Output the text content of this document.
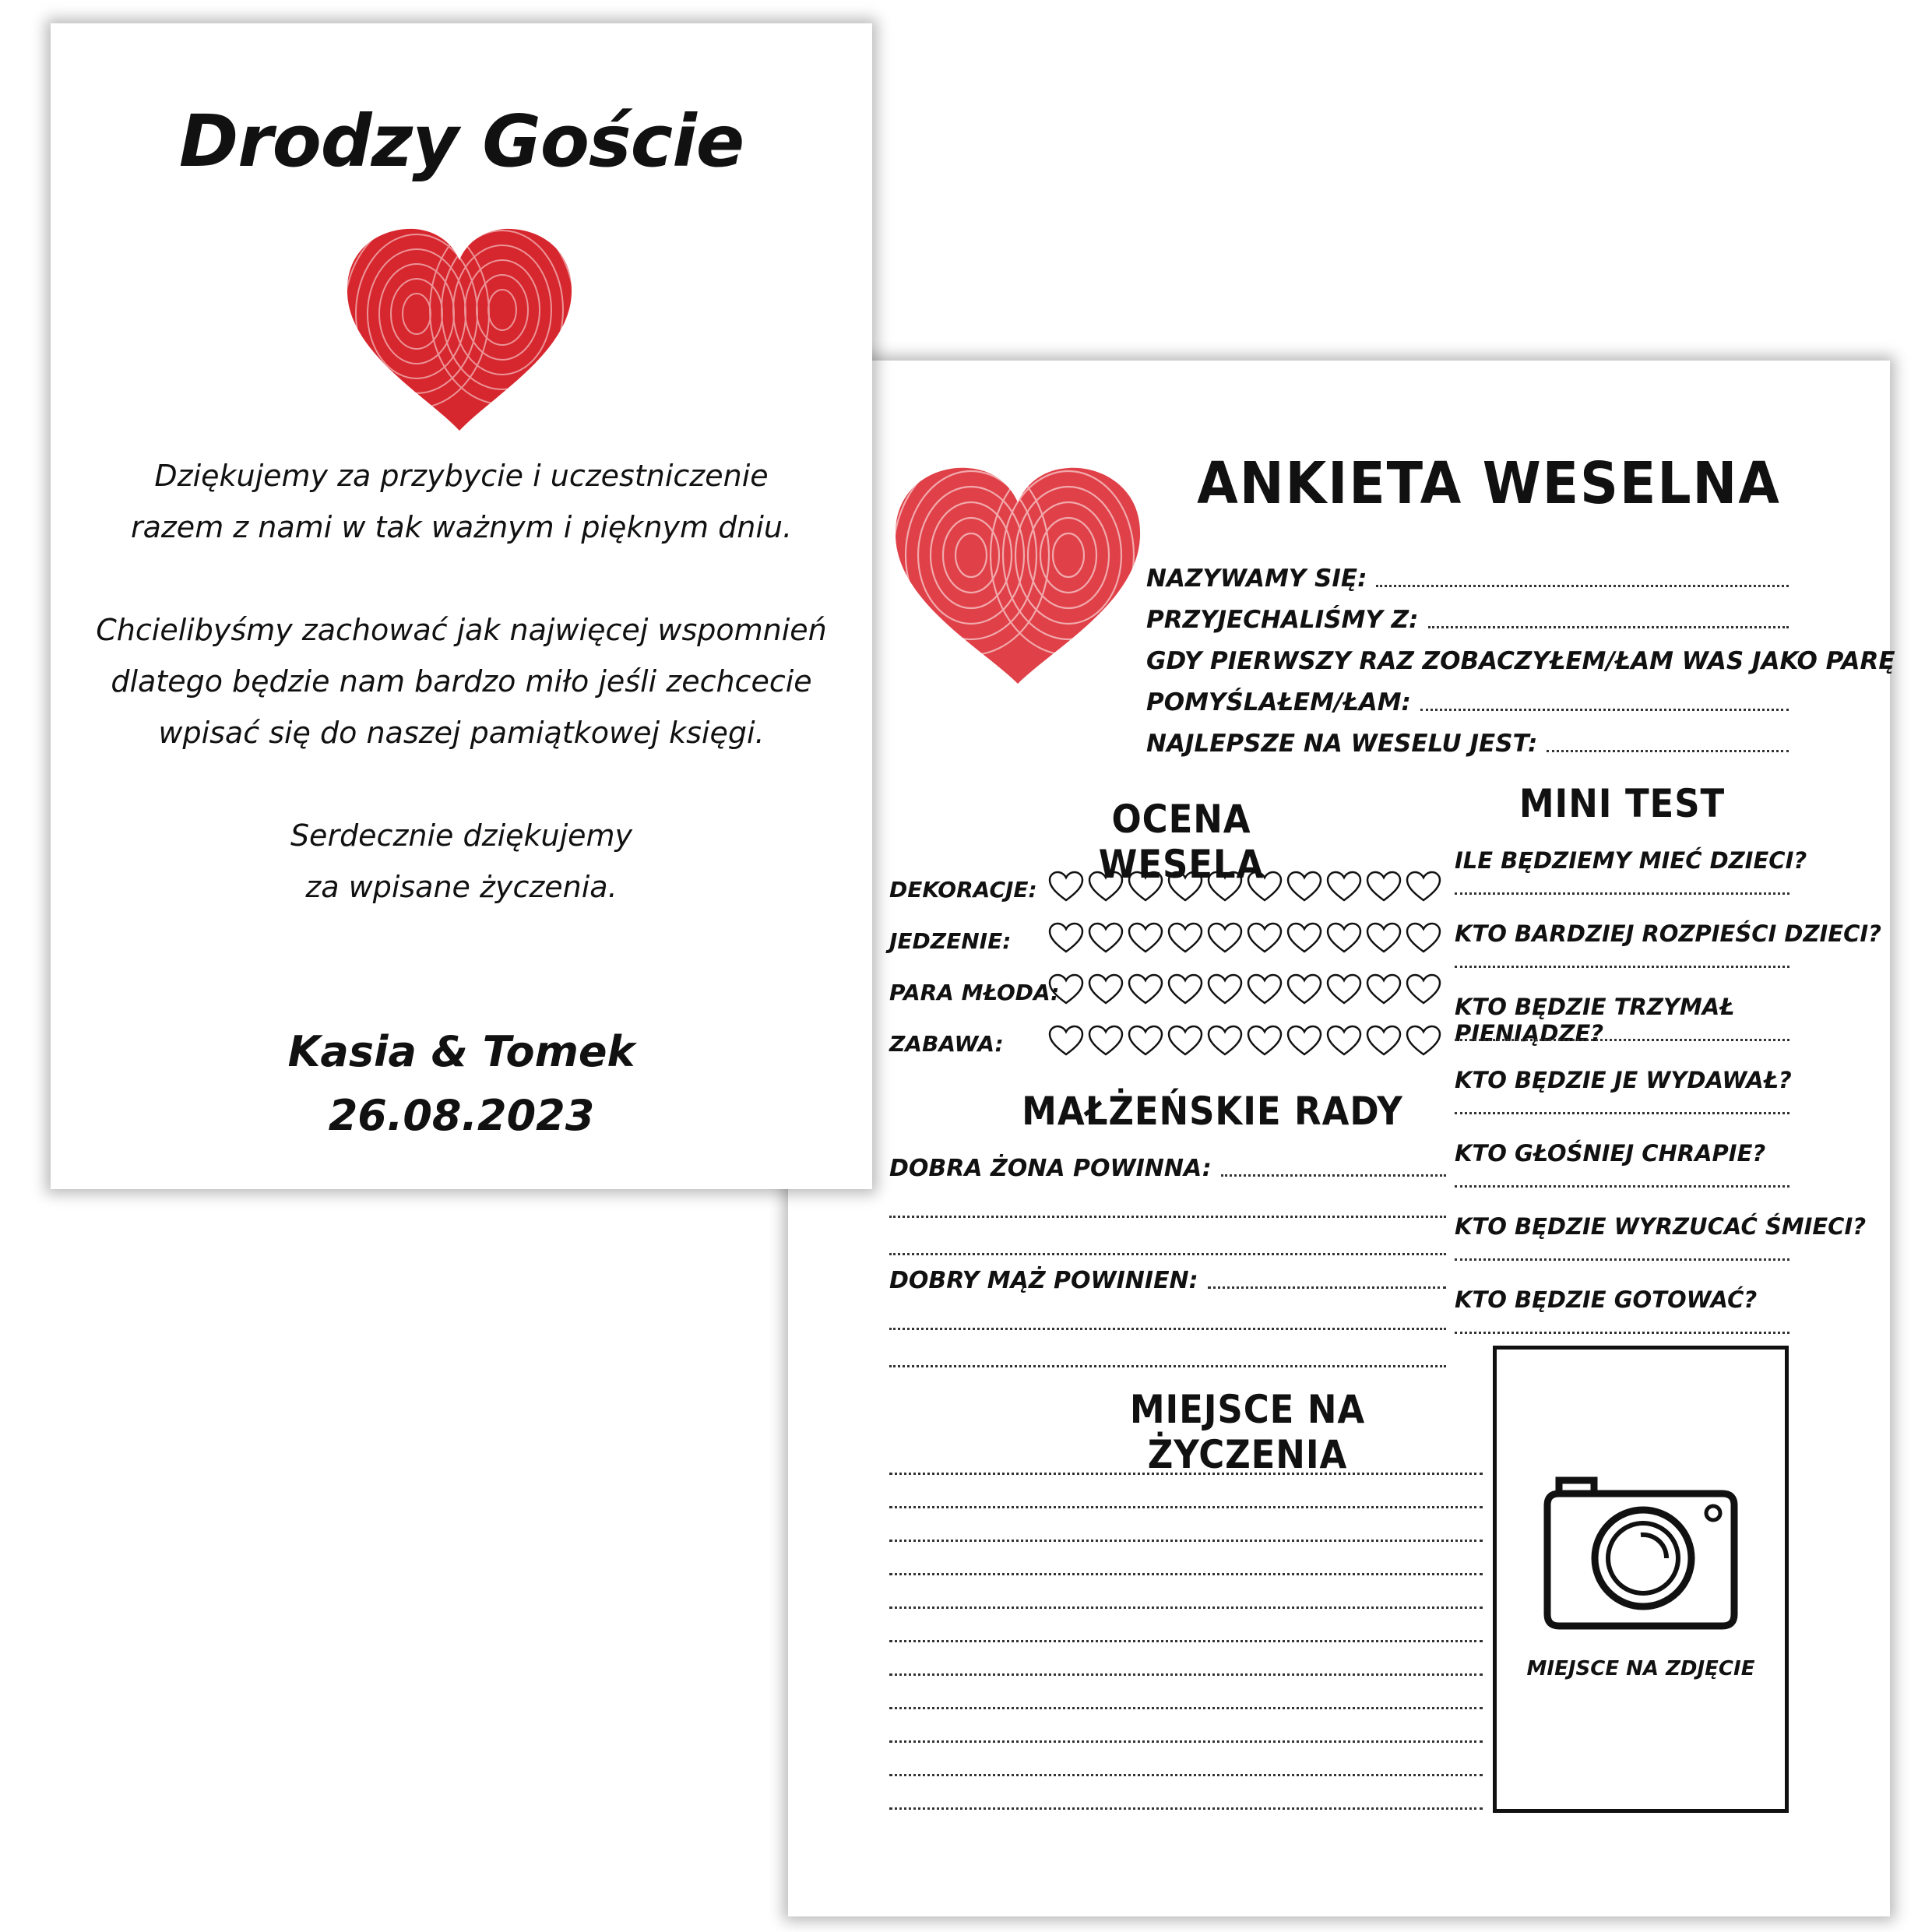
ANKIETA WESELNA
NAZYWAMY SIĘ:
PRZYJECHALIŚMY Z:
GDY PIERWSZY RAZ ZOBACZYŁEM/ŁAM WAS JAKO PARĘ
POMYŚLAŁEM/ŁAM:
NAJLEPSZE NA WESELU JEST:
OCENA WESELA
MINI TEST
MAŁŻEŃSKIE RADY
DOBRA ŻONA POWINNA:
DOBRY MĄŻ POWINIEN:
MIEJSCE NA ŻYCZENIA
MIEJSCE NA ZDJĘCIE
DEKORACJE:
JEDZENIE:
PARA MŁODA:
ZABAWA:
ILE BĘDZIEMY MIEĆ DZIECI?
KTO BARDZIEJ ROZPIEŚCI DZIECI?
KTO BĘDZIE TRZYMAŁ PIENIĄDZE?
KTO BĘDZIE JE WYDAWAŁ?
KTO GŁOŚNIEJ CHRAPIE?
KTO BĘDZIE WYRZUCAĆ ŚMIECI?
KTO BĘDZIE GOTOWAĆ?
Drodzy Goście
Dziękujemy za przybycie i uczestniczenie
razem z nami w tak ważnym i pięknym dniu.
Chcielibyśmy zachować jak najwięcej wspomnień
dlatego będzie nam bardzo miło jeśli zechcecie
wpisać się do naszej pamiątkowej księgi.
Serdecznie dziękujemy
za wpisane życzenia.
Kasia & Tomek
26.08.2023
